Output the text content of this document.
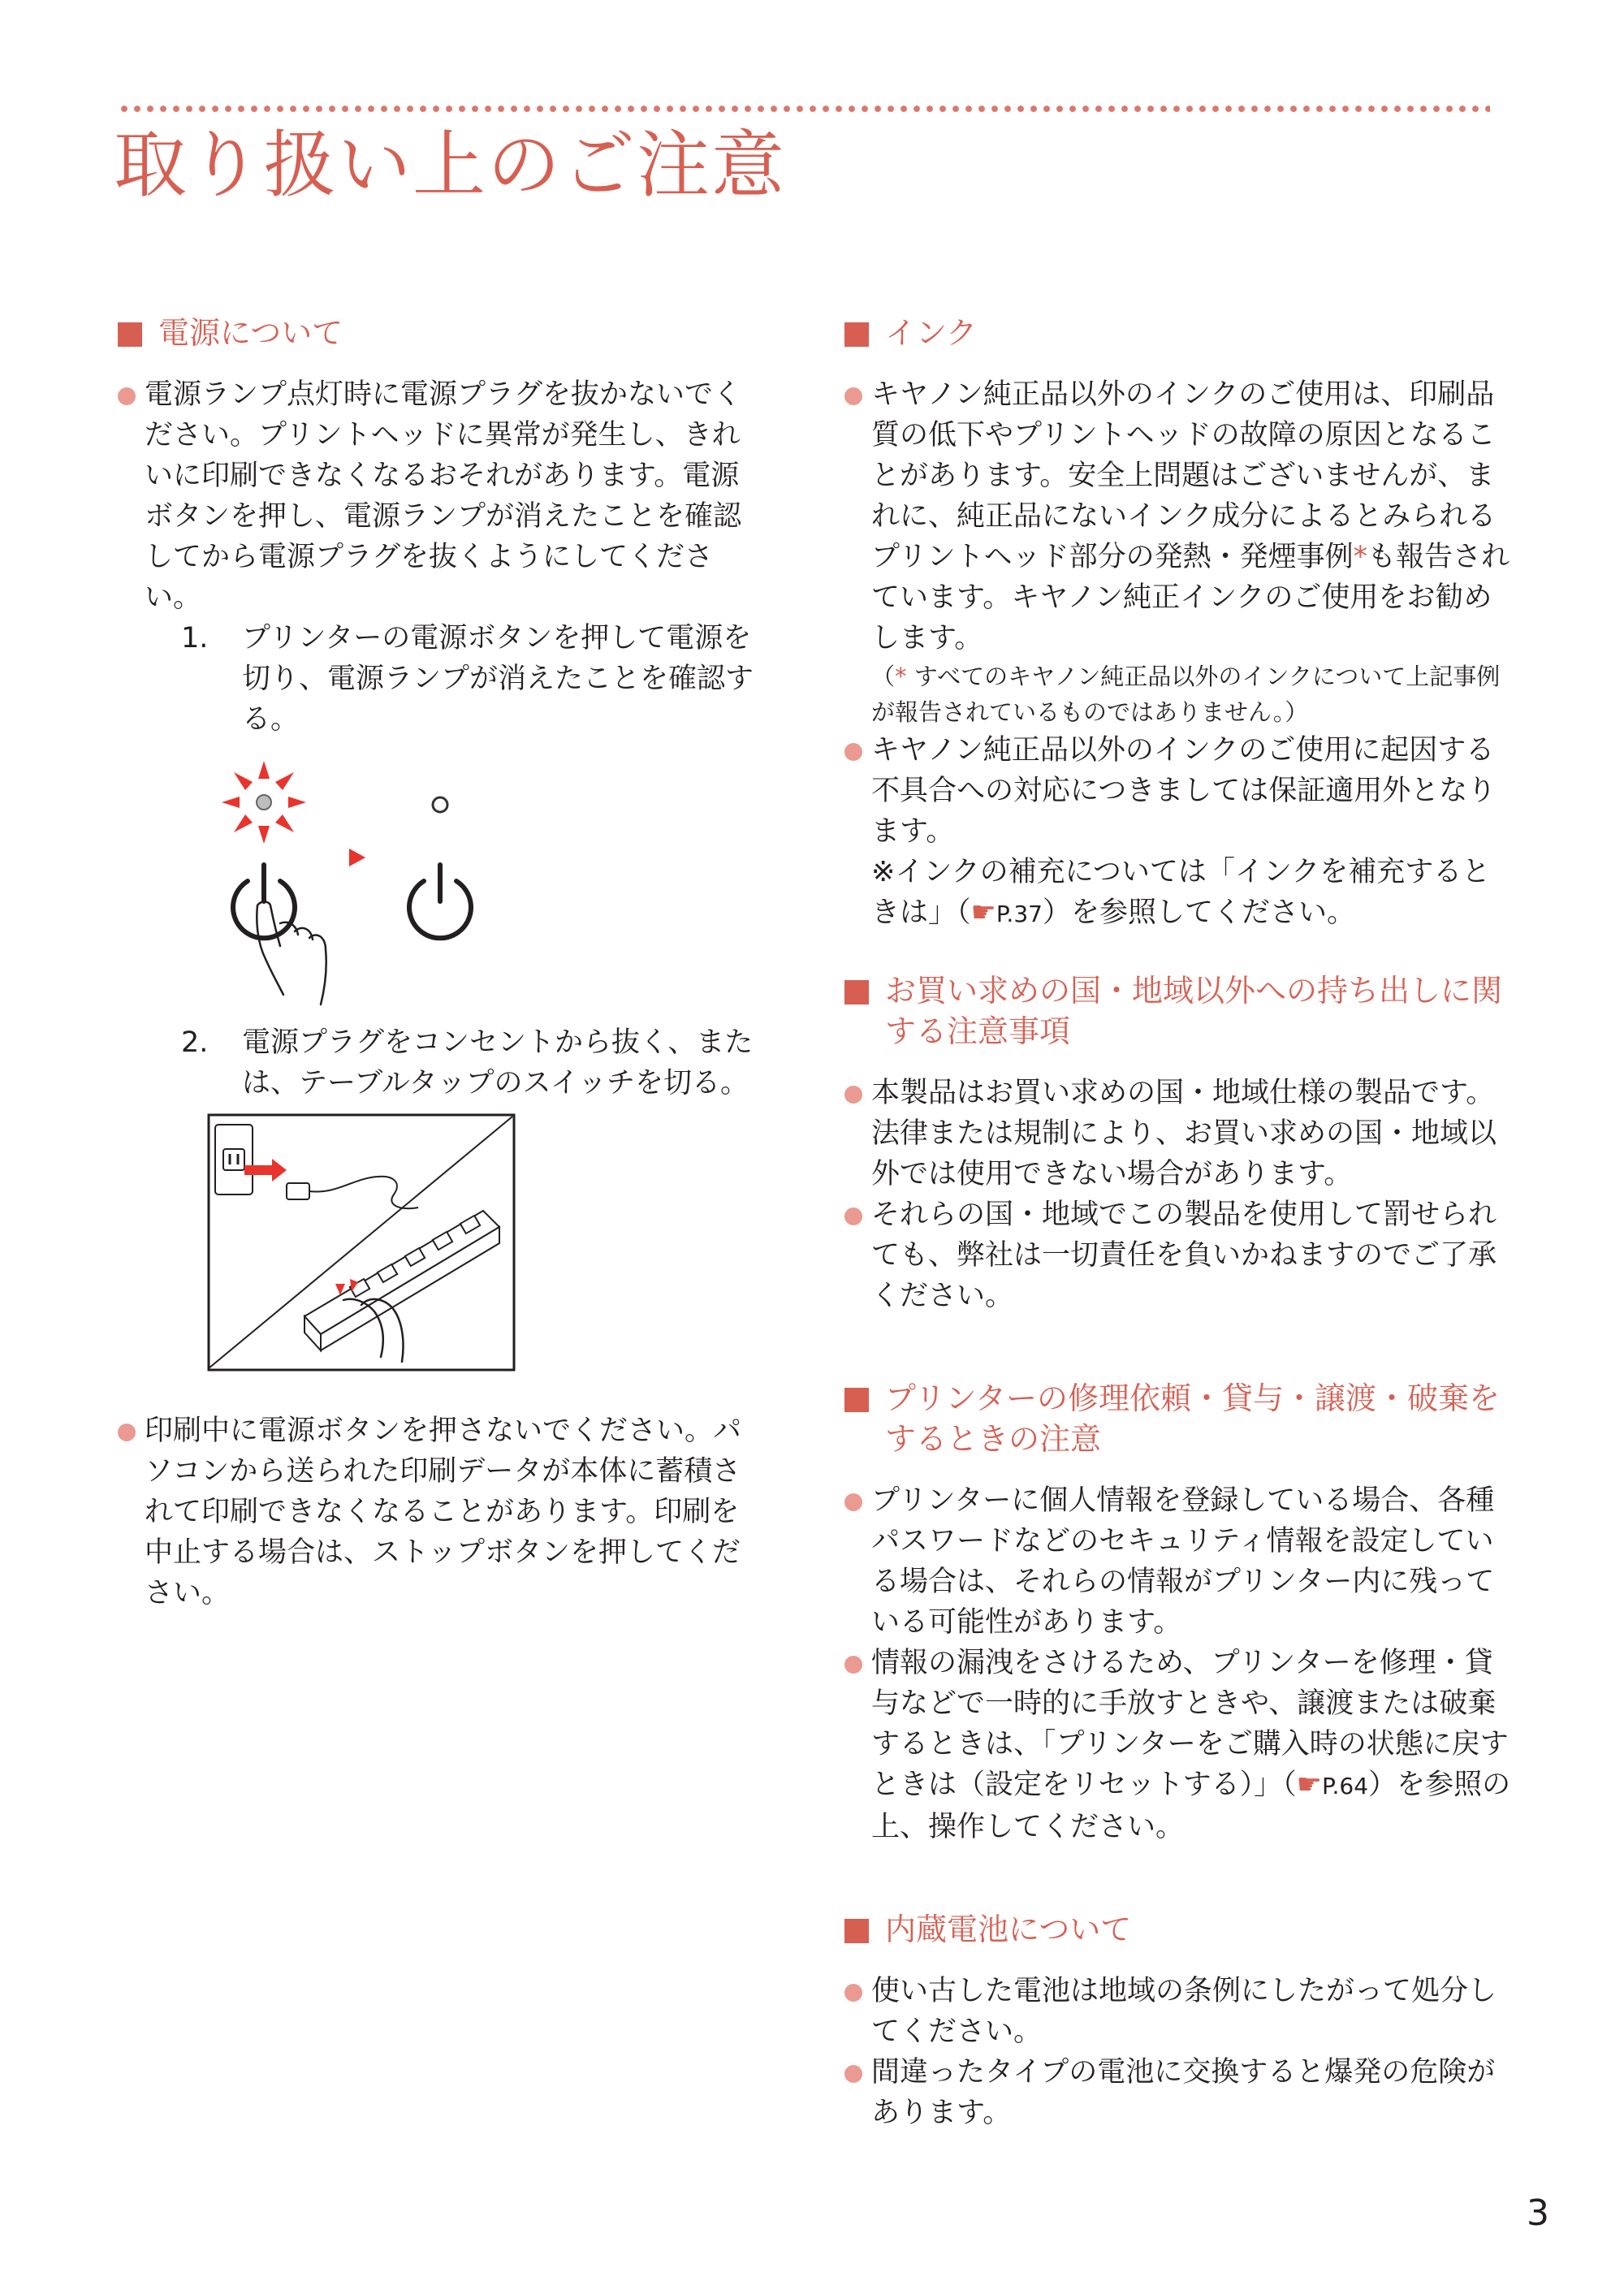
取り扱い上のご注意
電源について
電源ランプ点灯時に電源プラグを抜かないでください。プリントヘッドに異常が発生し、きれいに印刷できなくなるおそれがあります。電源ボタンを押し、電源ランプが消えたことを確認してから電源プラグを抜くようにしてください。
1. プリンターの電源ボタンを押して電源を切り、電源ランプが消えたことを確認する。
2. 電源プラグをコンセントから抜く、または、テーブルタップのスイッチを切る。
印刷中に電源ボタンを押さないでください。パソコンから送られた印刷データが本体に蓄積されて印刷できなくなることがあります。印刷を中止する場合は、ストップボタンを押してください。
インク
キヤノン純正品以外のインクのご使用は、印刷品質の低下やプリントヘッドの故障の原因となることがあります。安全上問題はございませんが、まれに、純正品にないインク成分によるとみられるプリントヘッド部分の発熱・発煙事例*も報告されています。キヤノン純正インクのご使用をお勧めします。
（* すべてのキヤノン純正品以外のインクについて上記事例が報告されているものではありません。）
キヤノン純正品以外のインクのご使用に起因する不具合への対応につきましては保証適用外となります。
※インクの補充については「インクを補充するときは」（☛P.37）を参照してください。
お買い求めの国・地域以外への持ち出しに関する注意事項
本製品はお買い求めの国・地域仕様の製品です。法律または規制により、お買い求めの国・地域以外では使用できない場合があります。
それらの国・地域でこの製品を使用して罰せられても、弊社は一切責任を負いかねますのでご了承ください。
プリンターの修理依頼・貸与・譲渡・破棄をするときの注意
プリンターに個人情報を登録している場合、各種パスワードなどのセキュリティ情報を設定している場合は、それらの情報がプリンター内に残っている可能性があります。
情報の漏洩をさけるため、プリンターを修理・貸与などで一時的に手放すときや、譲渡または破棄するときは、「プリンターをご購入時の状態に戻すときは（設定をリセットする）」（☛P.64）を参照の上、操作してください。
内蔵電池について
使い古した電池は地域の条例にしたがって処分してください。
間違ったタイプの電池に交換すると爆発の危険があります。
3
